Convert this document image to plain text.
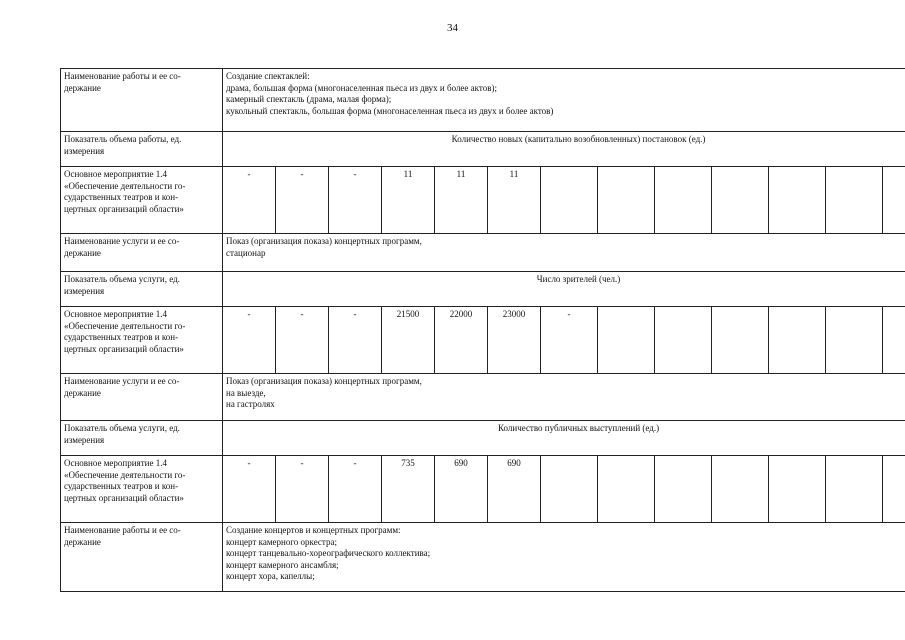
34
Наименование работы и ее со-
держание	Создание спектаклей:
драма, большая форма (многонаселенная пьеса из двух и более актов);
камерный спектакль (драма, малая форма);
кукольный спектакль, большая форма (многонаселенная пьеса из двух и более актов)												

Показатель объема работы, ед.
измерения	Количество новых (капитально возобновленных) постановок (ед.)												

Основное мероприятие 1.4
«Обеспечение деятельности го-
сударственных театров и кон-
цертных организаций области»	-	-	-	11	11	11							

Наименование услуги и ее со-
держание	Показ (организация показа) концертных программ,
стационар												

Показатель объема услуги, ед.
измерения	Число зрителей (чел.)												

Основное мероприятие 1.4
«Обеспечение деятельности го-
сударственных театров и кон-
цертных организаций области»	-	-	-	21500	22000	23000	-						

Наименование услуги и ее со-
держание	Показ (организация показа) концертных программ,
на выезде,
на гастролях												

Показатель объема услуги, ед.
измерения	Количество публичных выступлений (ед.)												

Основное мероприятие 1.4
«Обеспечение деятельности го-
сударственных театров и кон-
цертных организаций области»	-	-	-	735	690	690							

Наименование работы и ее со-
держание	Создание концертов и концертных программ:
концерт камерного оркестра;
концерт танцевально-хореографического коллектива;
концерт камерного ансамбля;
концерт хора, капеллы;												
